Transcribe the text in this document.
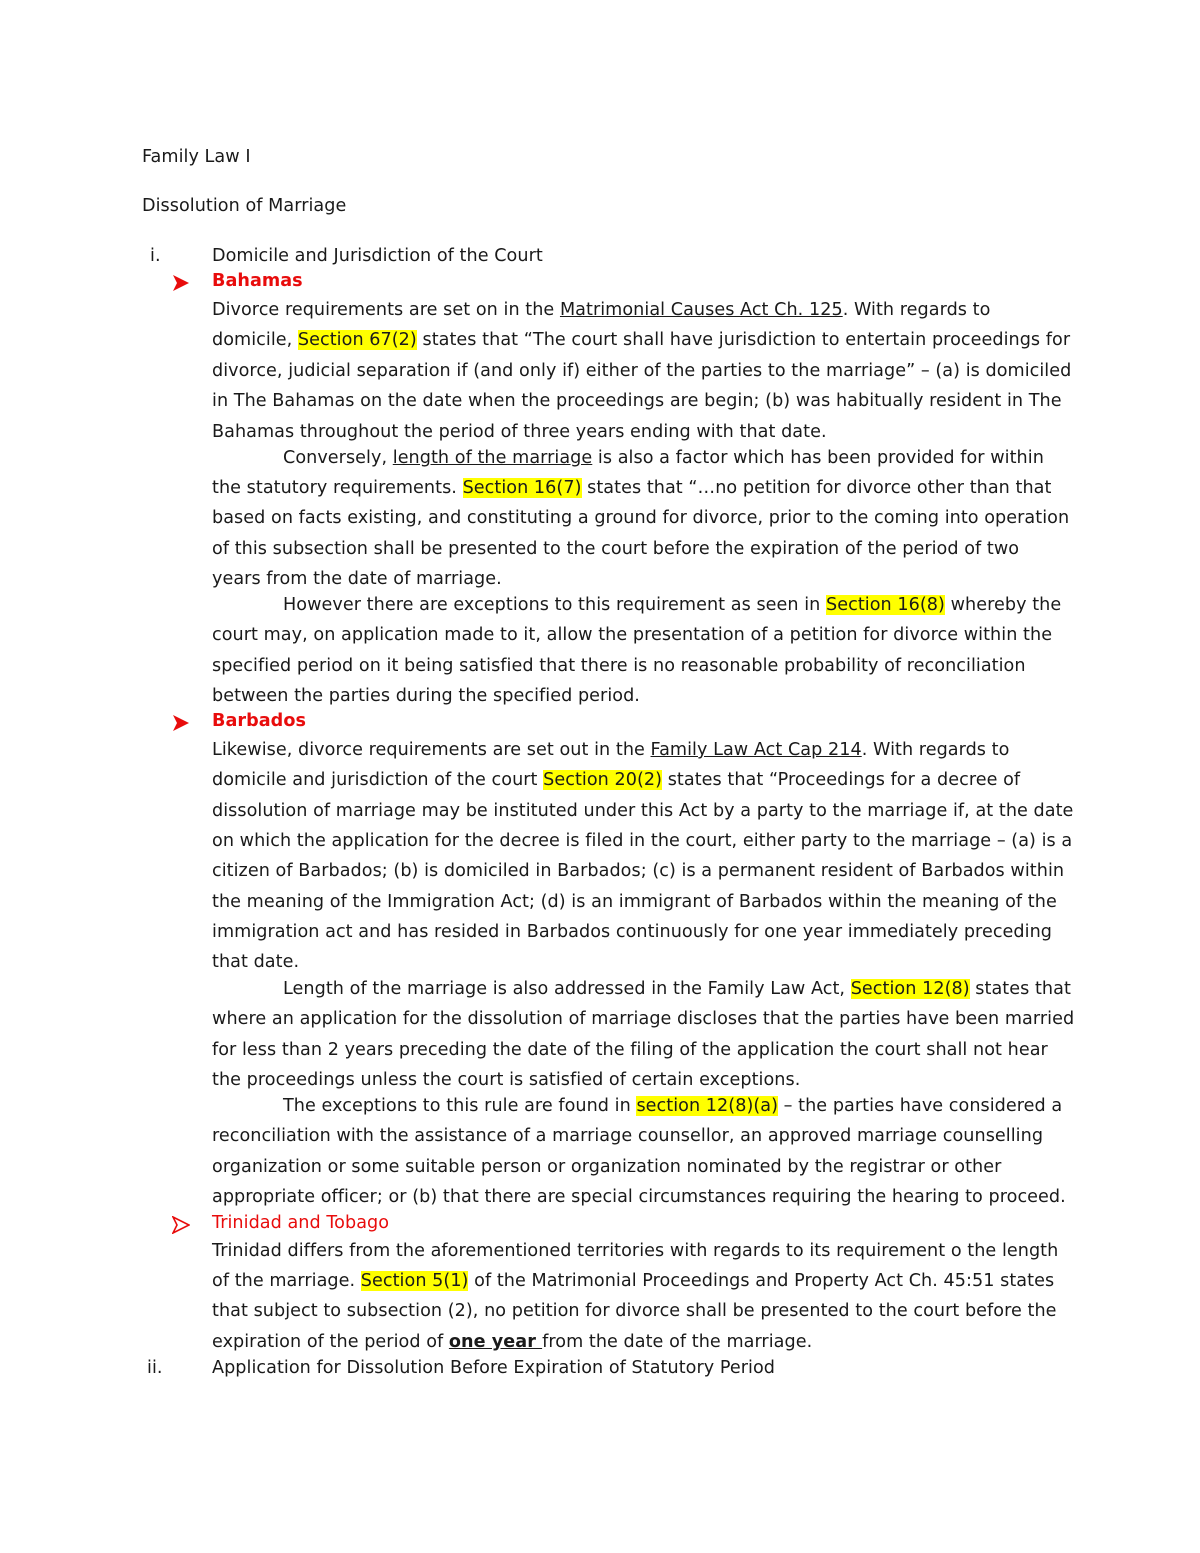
Family Law I
Dissolution of Marriage
i.	Domicile and Jurisdiction of the Court
Bahamas
Divorce requirements are set on in the Matrimonial Causes Act Ch. 125. With regards to
domicile, Section 67(2) states that “The court shall have jurisdiction to entertain proceedings for
divorce, judicial separation if (and only if) either of the parties to the marriage” – (a) is domiciled
in The Bahamas on the date when the proceedings are begin; (b) was habitually resident in The
Bahamas throughout the period of three years ending with that date.
Conversely, length of the marriage is also a factor which has been provided for within
the statutory requirements. Section 16(7) states that “…no petition for divorce other than that
based on facts existing, and constituting a ground for divorce, prior to the coming into operation
of this subsection shall be presented to the court before the expiration of the period of two
years from the date of marriage.
However there are exceptions to this requirement as seen in Section 16(8) whereby the
court may, on application made to it, allow the presentation of a petition for divorce within the
specified period on it being satisfied that there is no reasonable probability of reconciliation
between the parties during the specified period.
Barbados
Likewise, divorce requirements are set out in the Family Law Act Cap 214. With regards to
domicile and jurisdiction of the court Section 20(2) states that “Proceedings for a decree of
dissolution of marriage may be instituted under this Act by a party to the marriage if, at the date
on which the application for the decree is filed in the court, either party to the marriage – (a) is a
citizen of Barbados; (b) is domiciled in Barbados; (c) is a permanent resident of Barbados within
the meaning of the Immigration Act; (d) is an immigrant of Barbados within the meaning of the
immigration act and has resided in Barbados continuously for one year immediately preceding
that date.
Length of the marriage is also addressed in the Family Law Act, Section 12(8) states that
where an application for the dissolution of marriage discloses that the parties have been married
for less than 2 years preceding the date of the filing of the application the court shall not hear
the proceedings unless the court is satisfied of certain exceptions.
The exceptions to this rule are found in section 12(8)(a) – the parties have considered a
reconciliation with the assistance of a marriage counsellor, an approved marriage counselling
organization or some suitable person or organization nominated by the registrar or other
appropriate officer; or (b) that there are special circumstances requiring the hearing to proceed.
Trinidad and Tobago
Trinidad differs from the aforementioned territories with regards to its requirement o the length
of the marriage. Section 5(1) of the Matrimonial Proceedings and Property Act Ch. 45:51 states
that subject to subsection (2), no petition for divorce shall be presented to the court before the
expiration of the period of one year from the date of the marriage.
ii.	Application for Dissolution Before Expiration of Statutory Period
